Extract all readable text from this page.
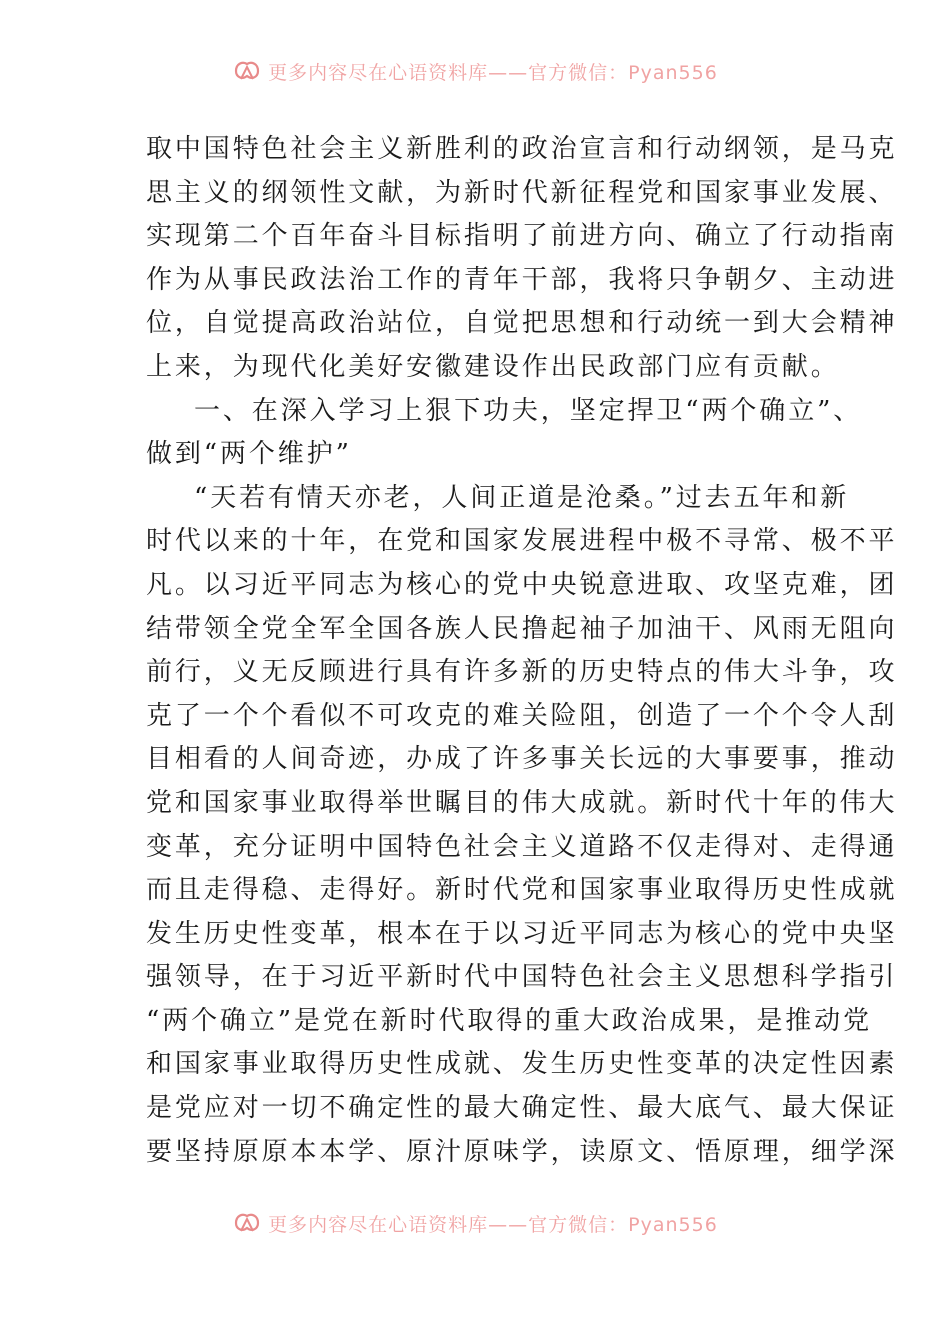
更多内容尽在心语资料库——官方微信：Pyan556
取中国特色社会主义新胜利的政治宣言和行动纲领，是马克
思主义的纲领性文献，为新时代新征程党和国家事业发展、
实现第二个百年奋斗目标指明了前进方向、确立了行动指南
作为从事民政法治工作的青年干部，我将只争朝夕、主动进
位，自觉提高政治站位，自觉把思想和行动统一到大会精神
上来，为现代化美好安徽建设作出民政部门应有贡献。
一、在深入学习上狠下功夫，坚定捍卫“两个确立”、
做到“两个维护”
“天若有情天亦老，人间正道是沧桑。”过去五年和新
时代以来的十年，在党和国家发展进程中极不寻常、极不平
凡。以习近平同志为核心的党中央锐意进取、攻坚克难，团
结带领全党全军全国各族人民撸起袖子加油干、风雨无阻向
前行，义无反顾进行具有许多新的历史特点的伟大斗争，攻
克了一个个看似不可攻克的难关险阻，创造了一个个令人刮
目相看的人间奇迹，办成了许多事关长远的大事要事，推动
党和国家事业取得举世瞩目的伟大成就。新时代十年的伟大
变革，充分证明中国特色社会主义道路不仅走得对、走得通
而且走得稳、走得好。新时代党和国家事业取得历史性成就
发生历史性变革，根本在于以习近平同志为核心的党中央坚
强领导，在于习近平新时代中国特色社会主义思想科学指引
“两个确立”是党在新时代取得的重大政治成果，是推动党
和国家事业取得历史性成就、发生历史性变革的决定性因素
是党应对一切不确定性的最大确定性、最大底气、最大保证
要坚持原原本本学、原汁原味学，读原文、悟原理，细学深
更多内容尽在心语资料库——官方微信：Pyan556
